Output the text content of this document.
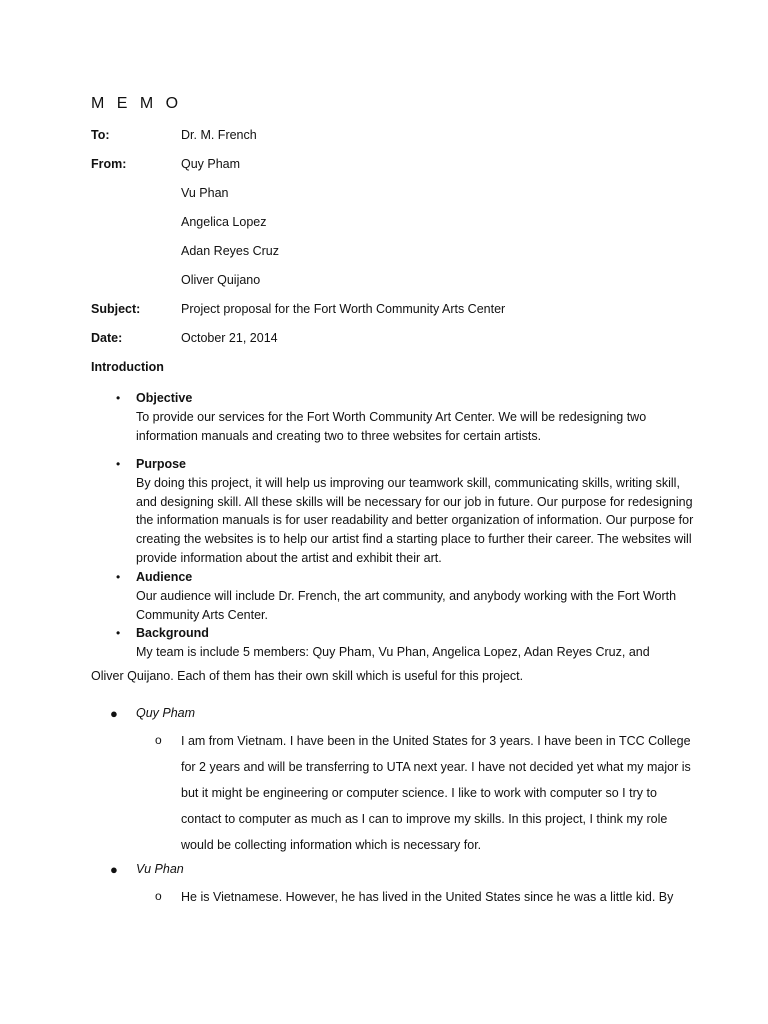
M E M O
To:	Dr. M. French
From:	Quy Pham
Vu Phan
Angelica Lopez
Adan Reyes Cruz
Oliver Quijano
Subject:	Project proposal for the Fort Worth Community Arts Center
Date:	October 21, 2014
Introduction
• Objective
To provide our services for the Fort Worth Community Art Center. We will be redesigning two information manuals and creating two to three websites for certain artists.
• Purpose
By doing this project, it will help us improving our teamwork skill, communicating skills, writing skill, and designing skill. All these skills will be necessary for our job in future. Our purpose for redesigning the information manuals is for user readability and better organization of information. Our purpose for creating the websites is to help our artist find a starting place to further their career. The websites will provide information about the artist and exhibit their art.
• Audience
Our audience will include Dr. French, the art community, and anybody working with the Fort Worth Community Arts Center.
• Background
My team is include 5 members: Quy Pham, Vu Phan, Angelica Lopez, Adan Reyes Cruz, and
Oliver Quijano. Each of them has their own skill which is useful for this project.
● Quy Pham
o I am from Vietnam. I have been in the United States for 3 years. I have been in TCC College for 2 years and will be transferring to UTA next year. I have not decided yet what my major is but it might be engineering or computer science. I like to work with computer so I try to contact to computer as much as I can to improve my skills. In this project, I think my role would be collecting information which is necessary for.
● Vu Phan
o He is Vietnamese. However, he has lived in the United States since he was a little kid. By
